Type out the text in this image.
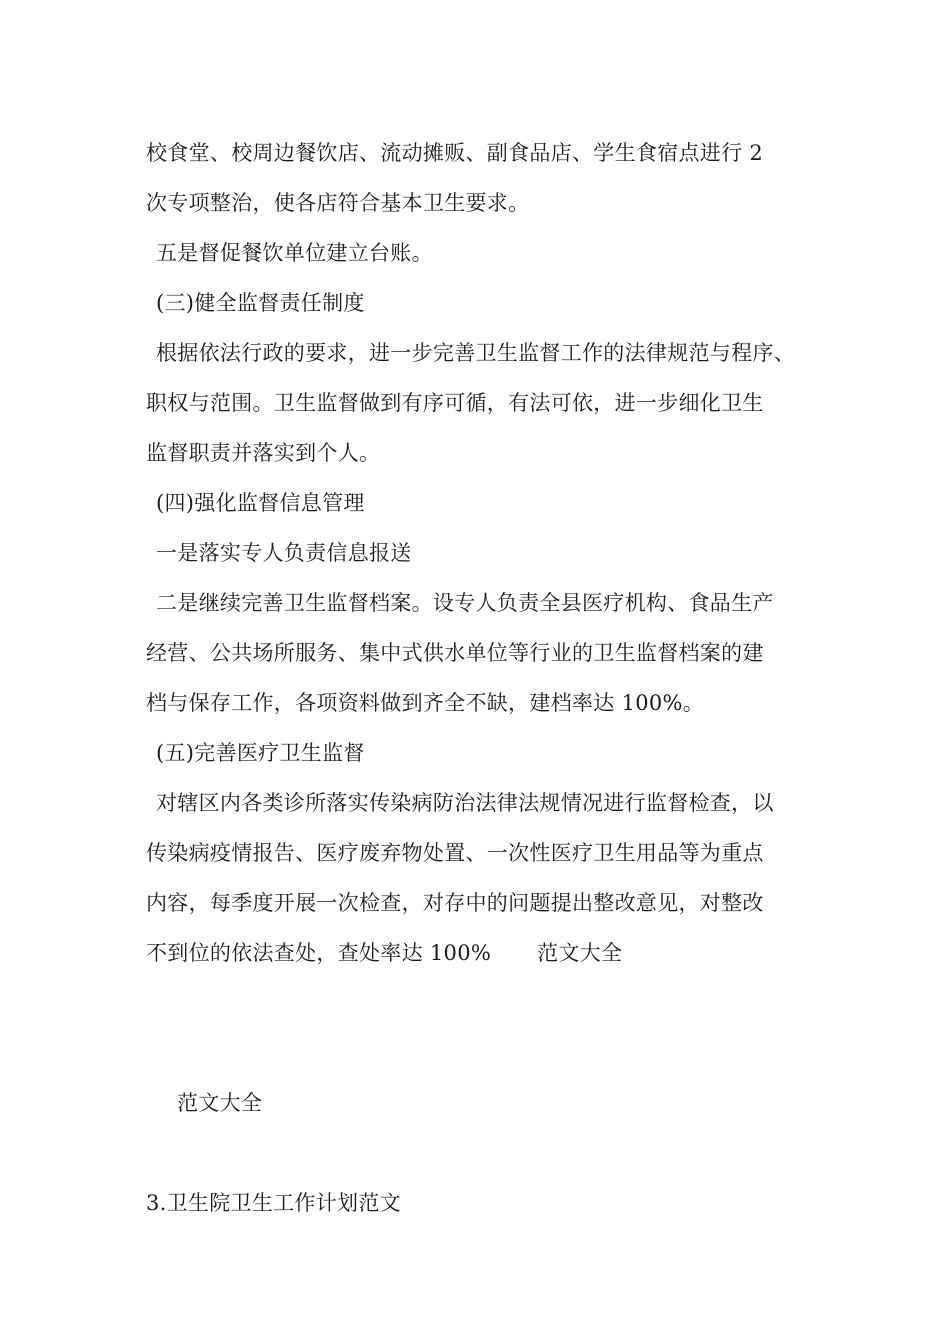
校食堂、校周边餐饮店、流动摊贩、副食品店、学生食宿点进行 2
次专项整治，使各店符合基本卫生要求。
五是督促餐饮单位建立台账。
(三)健全监督责任制度
根据依法行政的要求，进一步完善卫生监督工作的法律规范与程序、
职权与范围。卫生监督做到有序可循，有法可依，进一步细化卫生
监督职责并落实到个人。
(四)强化监督信息管理
一是落实专人负责信息报送
二是继续完善卫生监督档案。设专人负责全县医疗机构、食品生产
经营、公共场所服务、集中式供水单位等行业的卫生监督档案的建
档与保存工作，各项资料做到齐全不缺，建档率达 100%。
(五)完善医疗卫生监督
对辖区内各类诊所落实传染病防治法律法规情况进行监督检查，以
传染病疫情报告、医疗废弃物处置、一次性医疗卫生用品等为重点
内容，每季度开展一次检查，对存中的问题提出整改意见，对整改
不到位的依法查处，查处率达 100% 范文大全
范文大全
3.卫生院卫生工作计划范文
